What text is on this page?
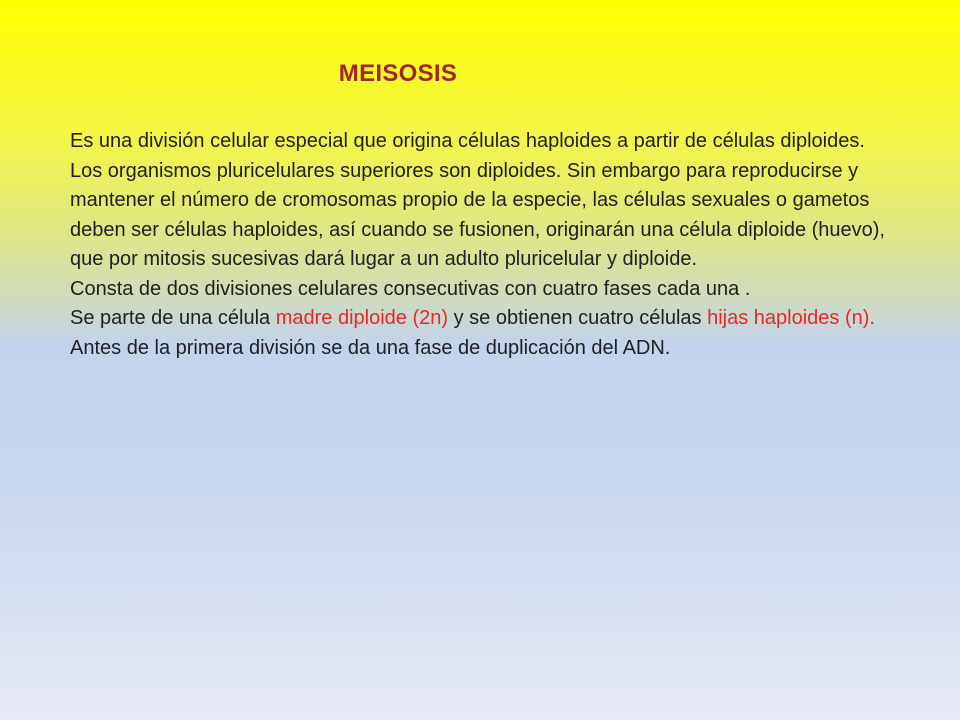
MEISOSIS

Es una división celular especial que origina células haploides a partir de células diploides.

Los organismos pluricelulares superiores son diploides. Sin embargo para reproducirse y mantener el número de cromosomas propio de la especie, las células sexuales o gametos deben ser células haploides, así cuando se fusionen, originarán una célula diploide (huevo), que por mitosis sucesivas dará lugar a un adulto pluricelular y diploide.

Consta de dos divisiones celulares consecutivas con cuatro fases cada una .

Se parte de una célula madre diploide (2n) y se obtienen cuatro células hijas haploides (n). Antes de la primera división se da una fase de duplicación del ADN.
